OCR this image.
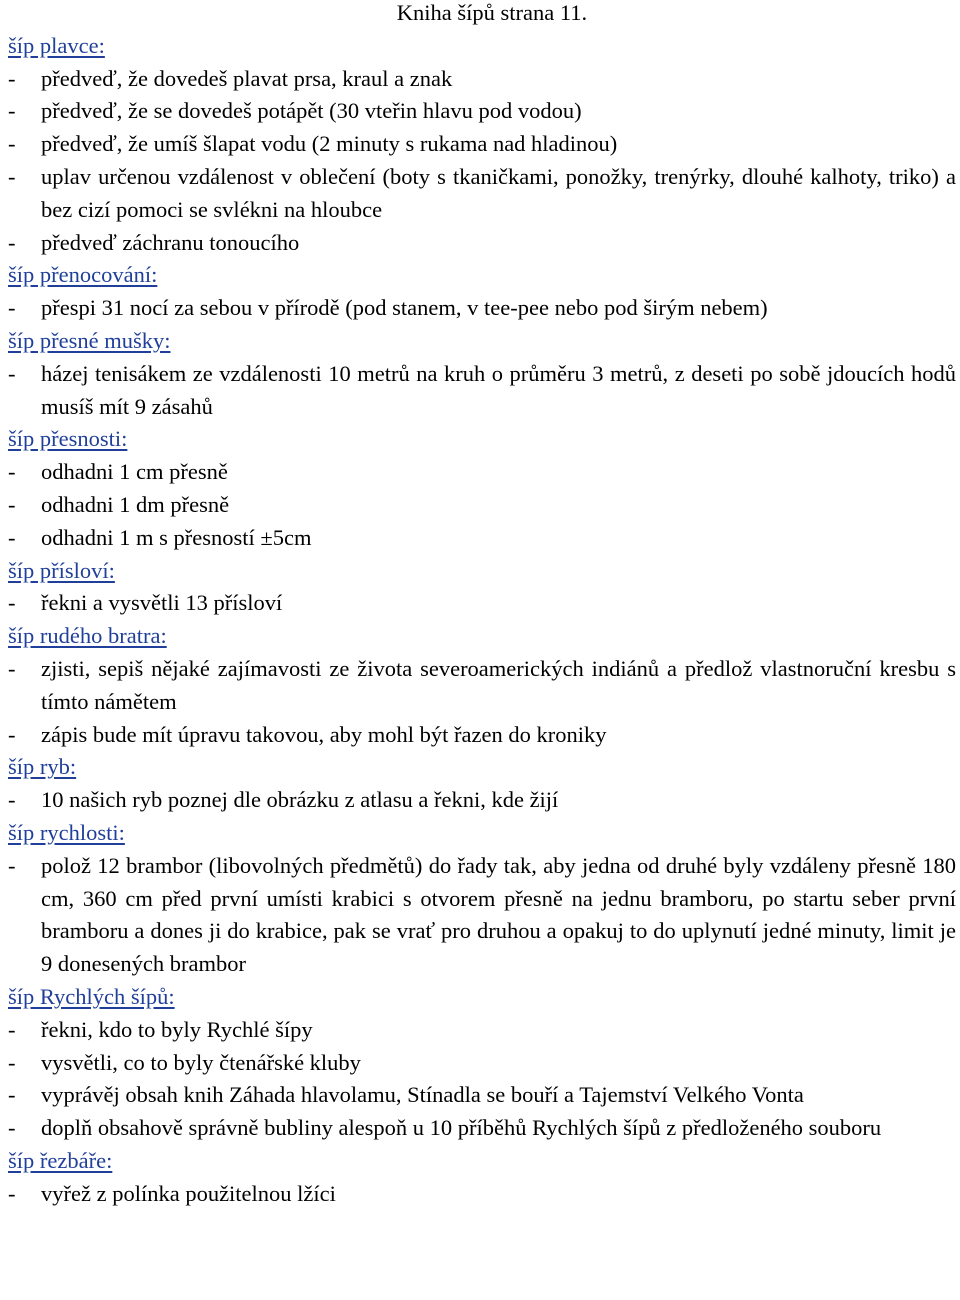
Kniha šípů strana 11.
šíp plavce:
-	předveď, že dovedeš plavat prsa, kraul a znak
-	předveď, že se dovedeš potápět (30 vteřin hlavu pod vodou)
-	předveď, že umíš šlapat vodu (2 minuty s rukama nad hladinou)
-	uplav určenou vzdálenost v oblečení (boty s tkaničkami, ponožky, trenýrky, dlouhé kalhoty, triko) a bez cizí pomoci se svlékni na hloubce
-	předveď záchranu tonoucího
šíp přenocování:
-	přespi 31 nocí za sebou v přírodě (pod stanem, v tee-pee nebo pod širým nebem)
šíp přesné mušky:
-	házej tenisákem ze vzdálenosti 10 metrů na kruh o průměru 3 metrů, z deseti po sobě jdoucích hodů musíš mít 9 zásahů
šíp přesnosti:
-	odhadni 1 cm přesně
-	odhadni 1 dm přesně
-	odhadni 1 m s přesností ±5cm
šíp přísloví:
-	řekni a vysvětli 13 přísloví
šíp rudého bratra:
-	zjisti, sepiš nějaké zajímavosti ze života severoamerických indiánů a předlož vlastnoruční kresbu s tímto námětem
-	zápis bude mít úpravu takovou, aby mohl být řazen do kroniky
šíp ryb:
-	10 našich ryb poznej dle obrázku z atlasu a řekni, kde žijí
šíp rychlosti:
-	polož 12 brambor (libovolných předmětů) do řady tak, aby jedna od druhé byly vzdáleny přesně 180 cm, 360 cm před první umísti krabici s otvorem přesně na jednu bramboru, po startu seber první bramboru a dones ji do krabice, pak se vrať pro druhou a opakuj to do uplynutí jedné minuty, limit je 9 donesených brambor
šíp Rychlých šípů:
-	řekni, kdo to byly Rychlé šípy
-	vysvětli, co to byly čtenářské kluby
-	vyprávěj obsah knih Záhada hlavolamu, Stínadla se bouří a Tajemství Velkého Vonta
-	doplň obsahově správně bubliny alespoň u 10 příběhů Rychlých šípů z předloženého souboru
šíp řezbáře:
-	vyřež z polínka použitelnou lžíci
